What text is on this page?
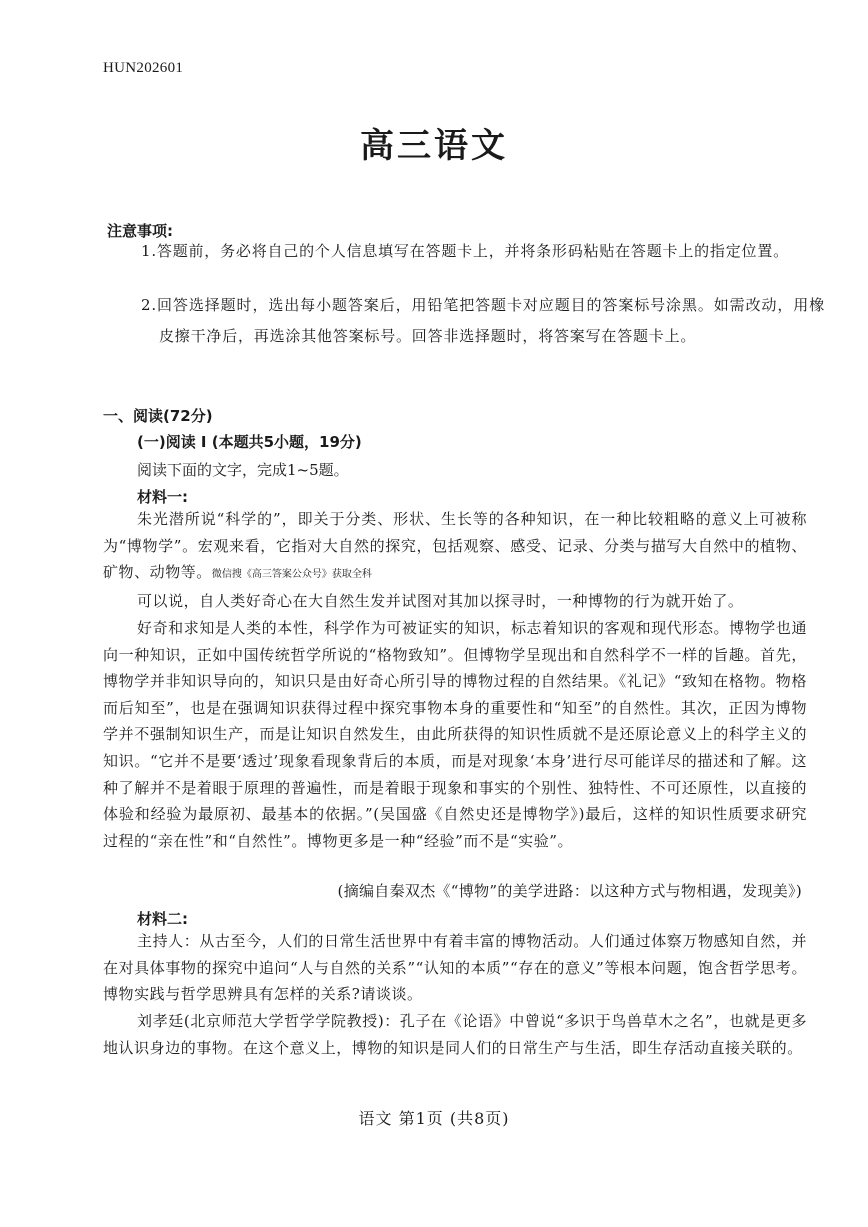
HUN202601
高三语文
注意事项:
1.答题前，务必将自己的个人信息填写在答题卡上，并将条形码粘贴在答题卡上的指定位置。
2.回答选择题时，选出每小题答案后，用铅笔把答题卡对应题目的答案标号涂黑。如需改动，用橡皮擦干净后，再选涂其他答案标号。回答非选择题时，将答案写在答题卡上。
一、阅读(72分)
(一)阅读 I (本题共5小题，19分)
阅读下面的文字，完成1~5题。
材料一:
朱光潜所说“科学的”，即关于分类、形状、生长等的各种知识，在一种比较粗略的意义上可被称为“博物学”。宏观来看，它指对大自然的探究，包括观察、感受、记录、分类与描写大自然中的植物、矿物、动物等。微信搜《高三答案公众号》获取全科
可以说，自人类好奇心在大自然生发并试图对其加以探寻时，一种博物的行为就开始了。
好奇和求知是人类的本性，科学作为可被证实的知识，标志着知识的客观和现代形态。博物学也通向一种知识，正如中国传统哲学所说的“格物致知”。但博物学呈现出和自然科学不一样的旨趣。首先，博物学并非知识导向的，知识只是由好奇心所引导的博物过程的自然结果。《礼记》“致知在格物。物格而后知至”，也是在强调知识获得过程中探究事物本身的重要性和“知至”的自然性。其次，正因为博物学并不强制知识生产，而是让知识自然发生，由此所获得的知识性质就不是还原论意义上的科学主义的知识。“它并不是要‘透过’现象看现象背后的本质，而是对现象‘本身’进行尽可能详尽的描述和了解。这种了解并不是着眼于原理的普遍性，而是着眼于现象和事实的个别性、独特性、不可还原性，以直接的体验和经验为最原初、最基本的依据。”(吴国盛《自然史还是博物学》)最后，这样的知识性质要求研究过程的“亲在性”和“自然性”。博物更多是一种“经验”而不是“实验”。
(摘编自秦双杰《“博物”的美学进路：以这种方式与物相遇，发现美》)
材料二:
主持人：从古至今，人们的日常生活世界中有着丰富的博物活动。人们通过体察万物感知自然，并在对具体事物的探究中追问“人与自然的关系”“认知的本质”“存在的意义”等根本问题，饱含哲学思考。博物实践与哲学思辨具有怎样的关系?请谈谈。
刘孝廷(北京师范大学哲学学院教授)：孔子在《论语》中曾说“多识于鸟兽草木之名”，也就是更多地认识身边的事物。在这个意义上，博物的知识是同人们的日常生产与生活，即生存活动直接关联的。
语文 第1页 (共8页)
